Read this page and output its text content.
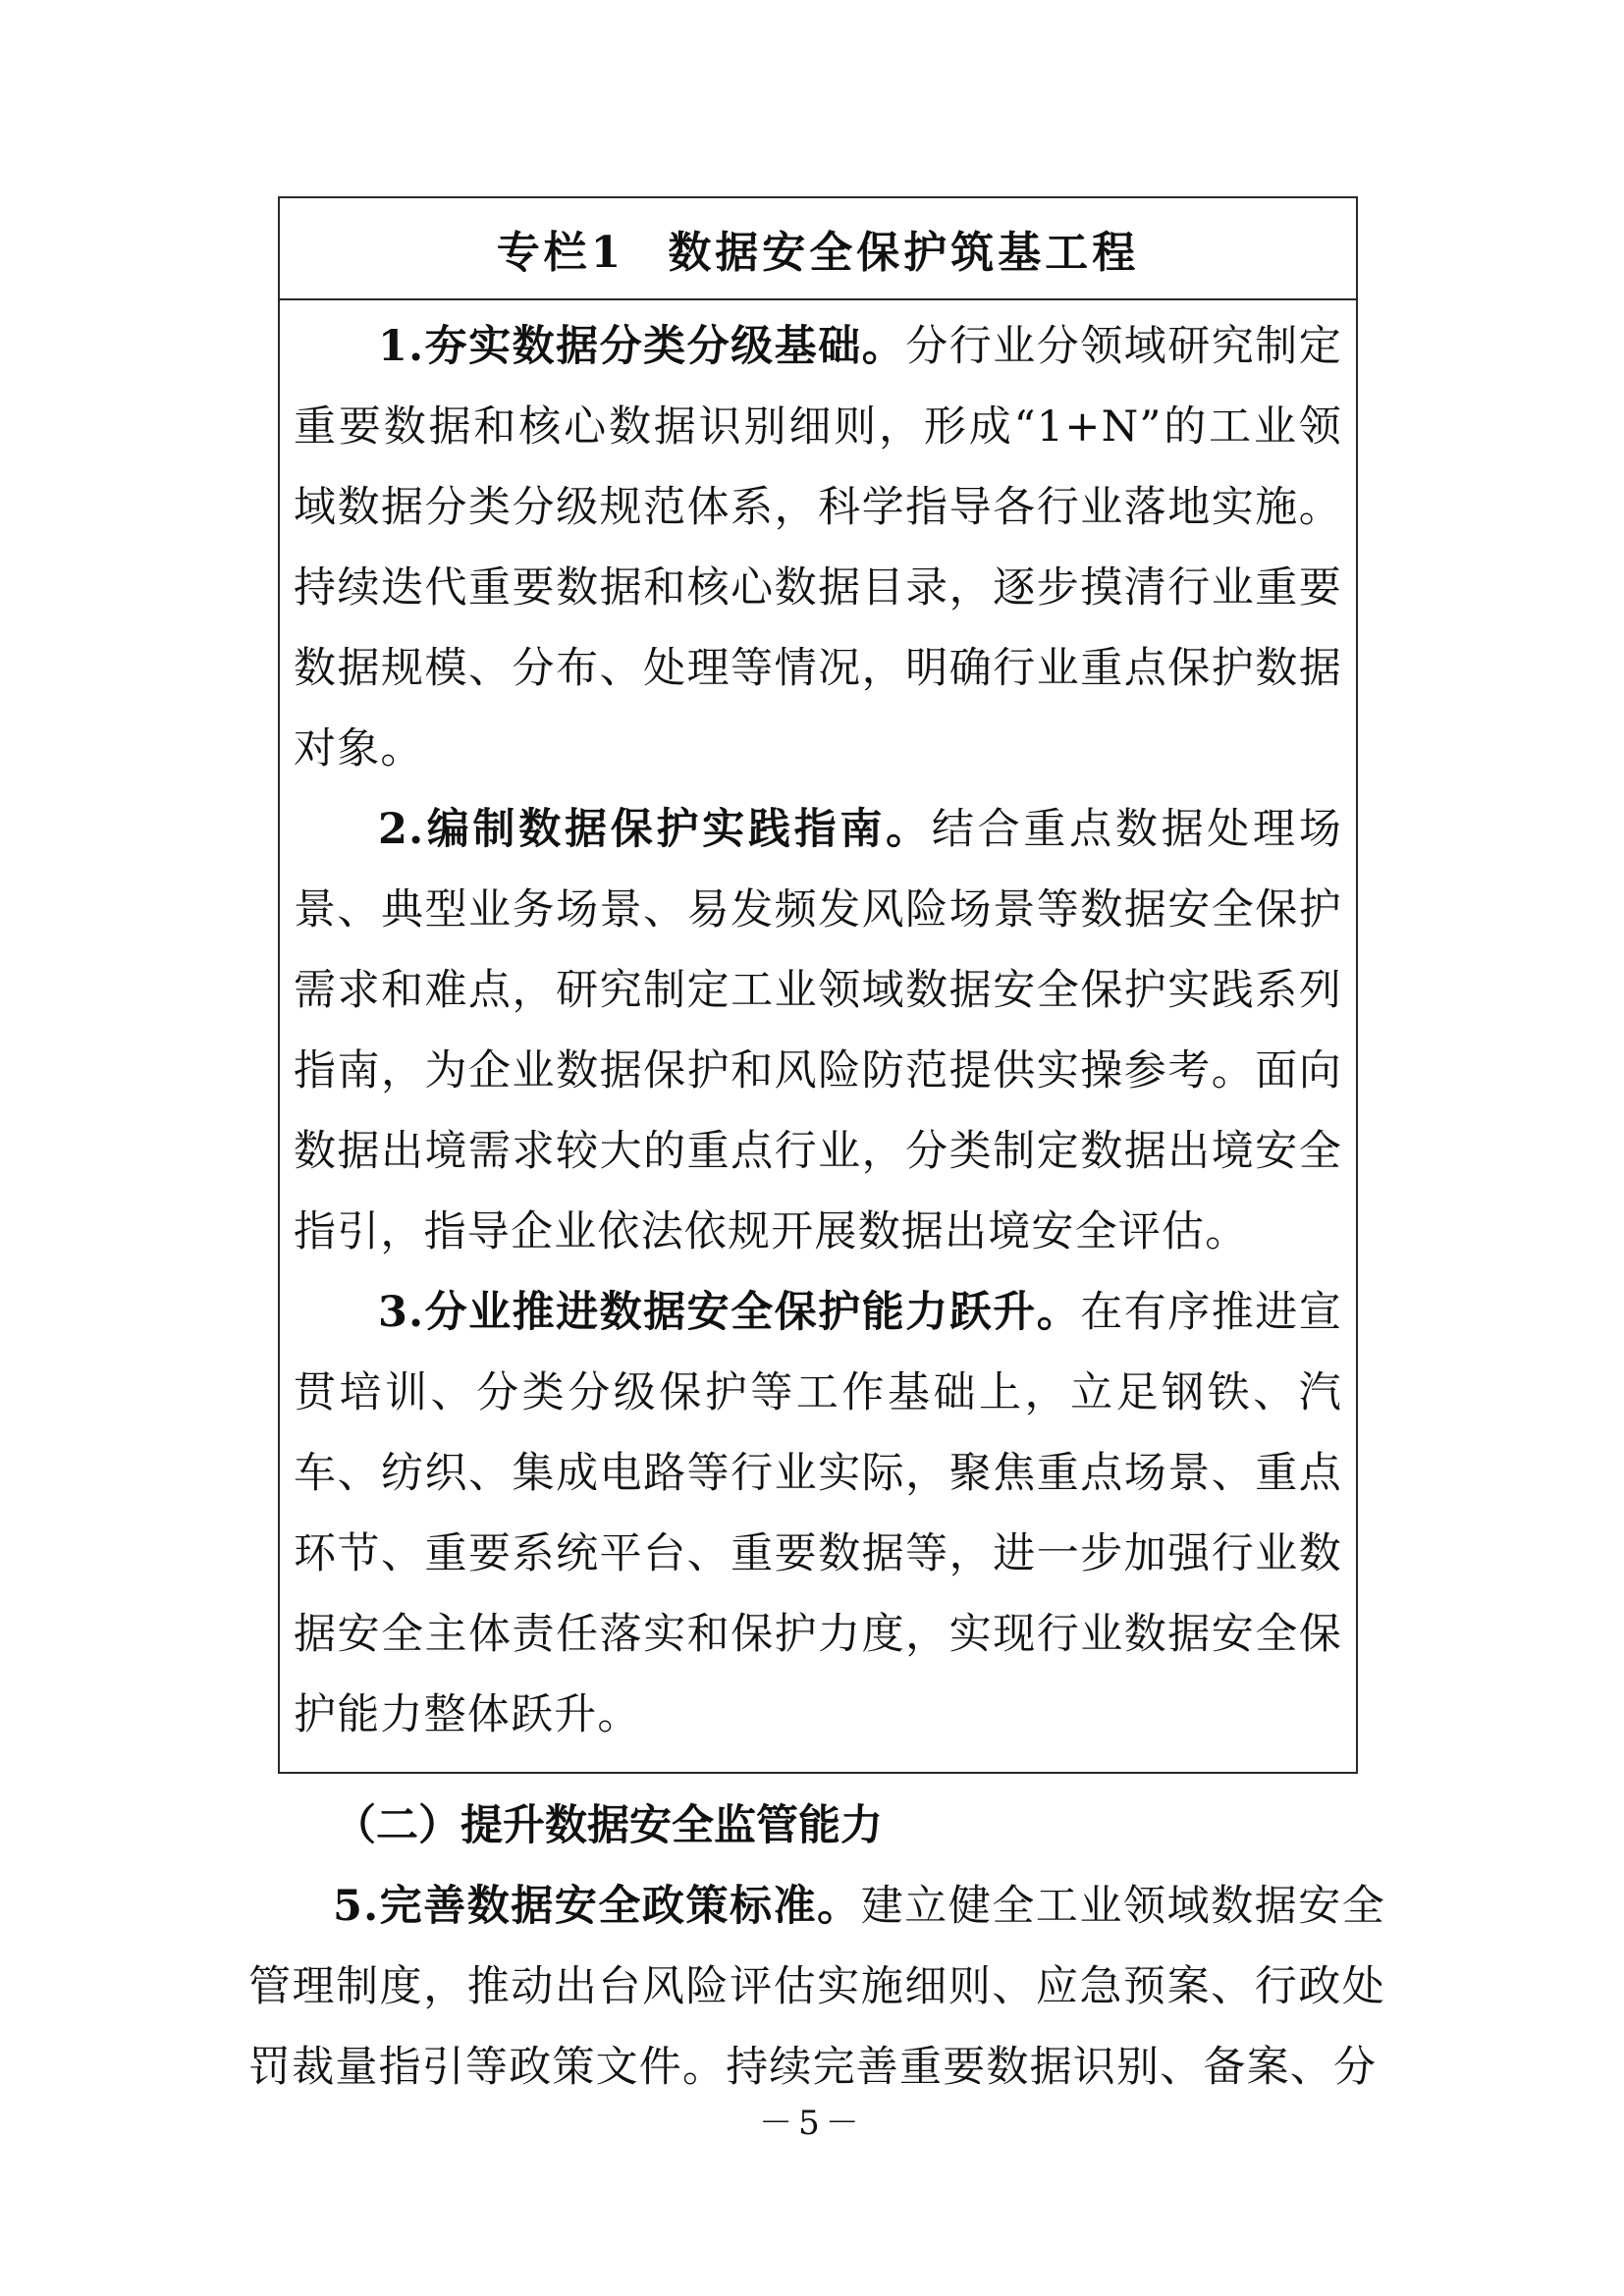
专栏1 数据安全保护筑基工程

1.夯实数据分类分级基础。分行业分领域研究制定重要数据和核心数据识别细则，形成“1+N”的工业领域数据分类分级规范体系，科学指导各行业落地实施。持续迭代重要数据和核心数据目录，逐步摸清行业重要数据规模、分布、处理等情况，明确行业重点保护数据对象。

2.编制数据保护实践指南。结合重点数据处理场景、典型业务场景、易发频发风险场景等数据安全保护需求和难点，研究制定工业领域数据安全保护实践系列指南，为企业数据保护和风险防范提供实操参考。面向数据出境需求较大的重点行业，分类制定数据出境安全指引，指导企业依法依规开展数据出境安全评估。

3.分业推进数据安全保护能力跃升。在有序推进宣贯培训、分类分级保护等工作基础上，立足钢铁、汽车、纺织、集成电路等行业实际，聚焦重点场景、重点环节、重要系统平台、重要数据等，进一步加强行业数据安全主体责任落实和保护力度，实现行业数据安全保护能力整体跃升。

（二）提升数据安全监管能力

5.完善数据安全政策标准。建立健全工业领域数据安全管理制度，推动出台风险评估实施细则、应急预案、行政处罚裁量指引等政策文件。持续完善重要数据识别、备案、分

－5－
